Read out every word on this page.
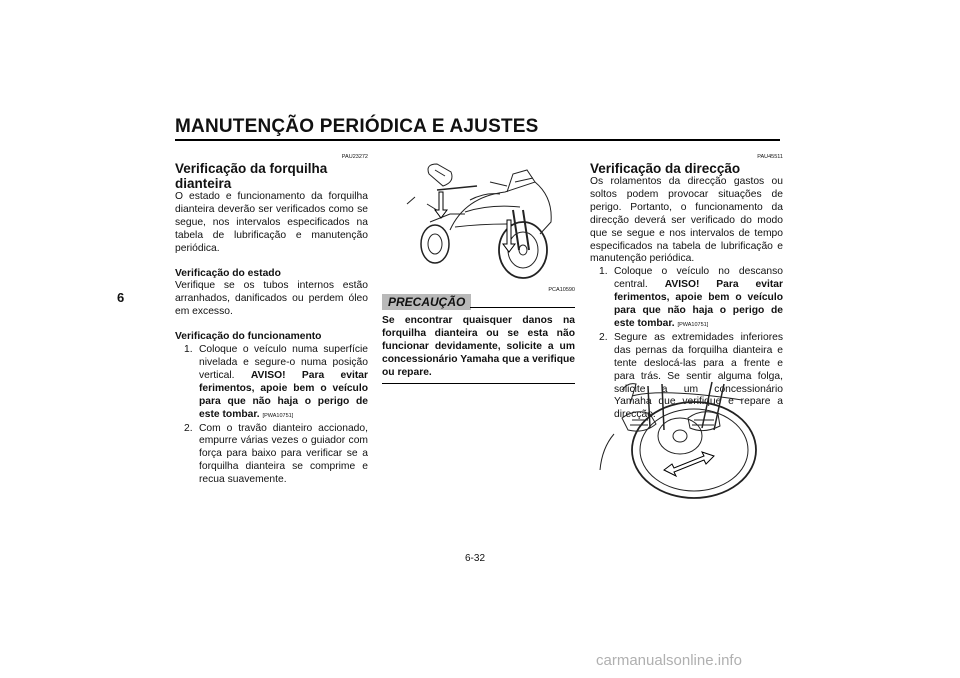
MANUTENÇÃO PERIÓDICA E AJUSTES
6
PAU23272
Verificação da forquilha dianteira

O estado e funcionamento da forquilha dianteira deverão ser verificados como se segue, nos intervalos especificados na tabela de lubrificação e manutenção periódica.

Verificação do estado

Verifique se os tubos internos estão arranhados, danificados ou perdem óleo em excesso.

Verificação do funcionamento
1. Coloque o veículo numa superfície nivelada e segure-o numa posição vertical. AVISO! Para evitar ferimentos, apoie bem o veículo para que não haja o perigo de este tombar. [PWA10751]
2. Com o travão dianteiro accionado, empurre várias vezes o guiador com força para baixo para verificar se a forquilha dianteira se comprime e recua suavemente.
PCA10590
PRECAUÇÃO
Se encontrar quaisquer danos na forquilha dianteira ou se esta não funcionar devidamente, solicite a um concessionário Yamaha que a verifique ou repare.
PAU45511
Verificação da direcção

Os rolamentos da direcção gastos ou soltos podem provocar situações de perigo. Portanto, o funcionamento da direcção deverá ser verificado do modo que se segue e nos intervalos de tempo especificados na tabela de lubrificação e manutenção periódica.

1. Coloque o veículo no descanso central. AVISO! Para evitar ferimentos, apoie bem o veículo para que não haja o perigo de este tombar. [PWA10751]
2. Segure as extremidades inferiores das pernas da forquilha dianteira e tente deslocá-las para a frente e para trás. Se sentir alguma folga, solicite a um concessionário Yamaha que verifique e repare a direcção.
6-32
carmanualsonline.info
